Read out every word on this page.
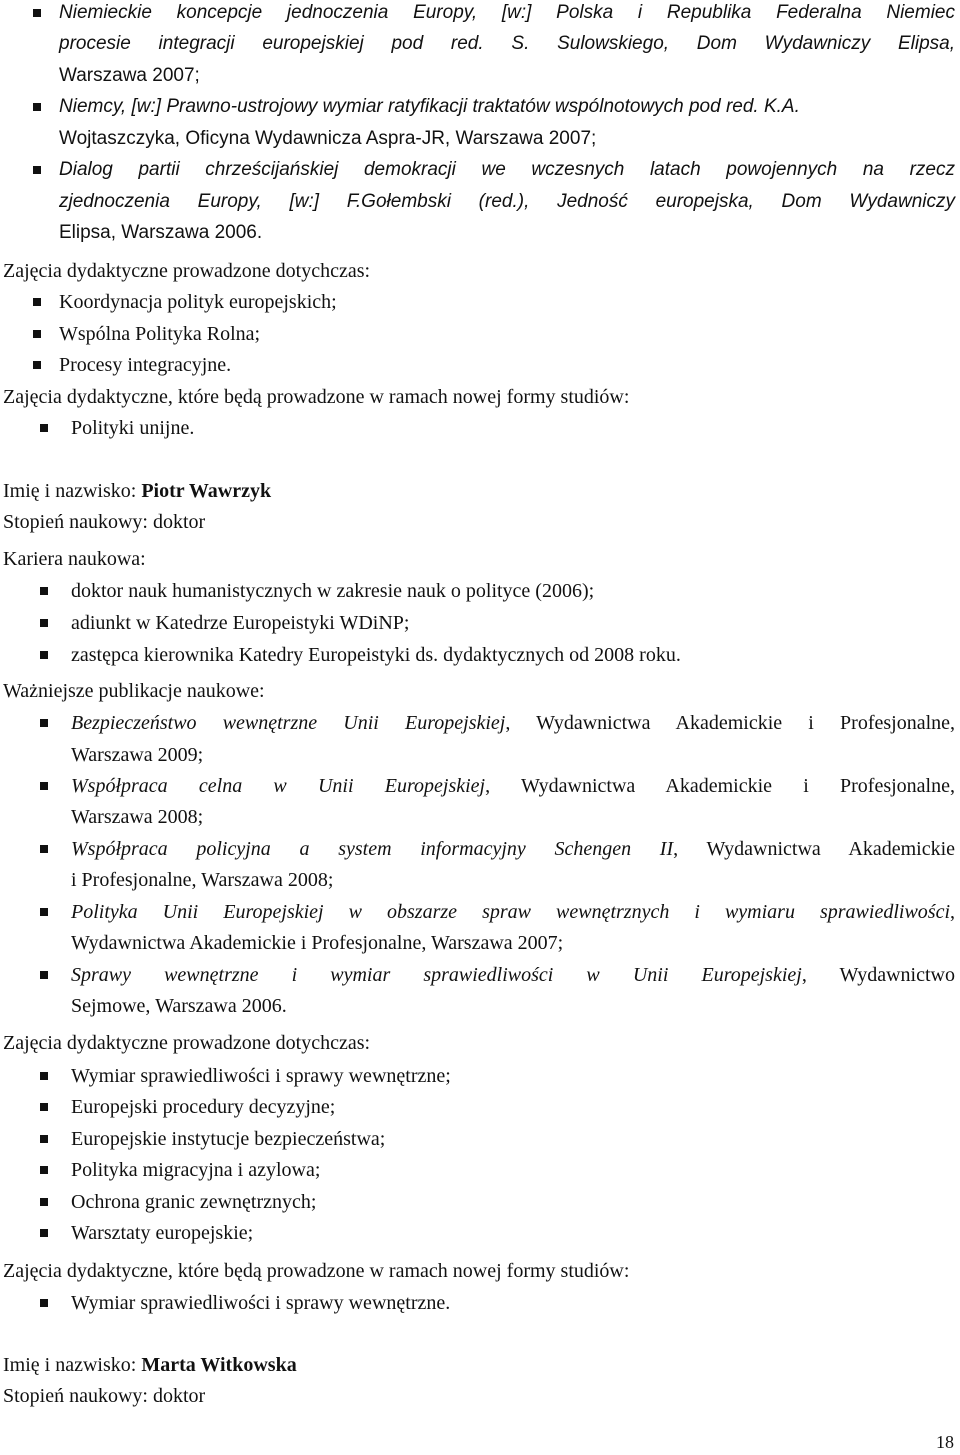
Niemieckie koncepcje jednoczenia Europy, [w:] Polska i Republika Federalna Niemiec
procesie integracji europejskiej pod red. S. Sulowskiego, Dom Wydawniczy Elipsa,
Warszawa 2007;
Niemcy, [w:] Prawno-ustrojowy wymiar ratyfikacji traktatów wspólnotowych pod red. K.A.
Wojtaszczyka, Oficyna Wydawnicza Aspra-JR, Warszawa 2007;
Dialog partii chrześcijańskiej demokracji we wczesnych latach powojennych na rzecz
zjednoczenia Europy, [w:] F.Gołembski (red.), Jedność europejska, Dom Wydawniczy
Elipsa, Warszawa 2006.
Zajęcia dydaktyczne prowadzone dotychczas:
Koordynacja polityk europejskich;
Wspólna Polityka Rolna;
Procesy integracyjne.
Zajęcia dydaktyczne, które będą prowadzone w ramach nowej formy studiów:
Polityki unijne.
Imię i nazwisko: Piotr Wawrzyk
Stopień naukowy: doktor
Kariera naukowa:
doktor nauk humanistycznych w zakresie nauk o polityce (2006);
adiunkt w Katedrze Europeistyki WDiNP;
zastępca kierownika Katedry Europeistyki ds. dydaktycznych od 2008 roku.
Ważniejsze publikacje naukowe:
Bezpieczeństwo wewnętrzne Unii Europejskiej, Wydawnictwa Akademickie i Profesjonalne,
Warszawa 2009;
Współpraca celna w Unii Europejskiej, Wydawnictwa Akademickie i Profesjonalne,
Warszawa 2008;
Współpraca policyjna a system informacyjny Schengen II, Wydawnictwa Akademickie
i Profesjonalne, Warszawa 2008;
Polityka Unii Europejskiej w obszarze spraw wewnętrznych i wymiaru sprawiedliwości,
Wydawnictwa Akademickie i Profesjonalne, Warszawa 2007;
Sprawy wewnętrzne i wymiar sprawiedliwości w Unii Europejskiej, Wydawnictwo
Sejmowe, Warszawa 2006.
Zajęcia dydaktyczne prowadzone dotychczas:
Wymiar sprawiedliwości i sprawy wewnętrzne;
Europejski procedury decyzyjne;
Europejskie instytucje bezpieczeństwa;
Polityka migracyjna i azylowa;
Ochrona granic zewnętrznych;
Warsztaty europejskie;
Zajęcia dydaktyczne, które będą prowadzone w ramach nowej formy studiów:
Wymiar sprawiedliwości i sprawy wewnętrzne.
Imię i nazwisko: Marta Witkowska
Stopień naukowy: doktor
18
